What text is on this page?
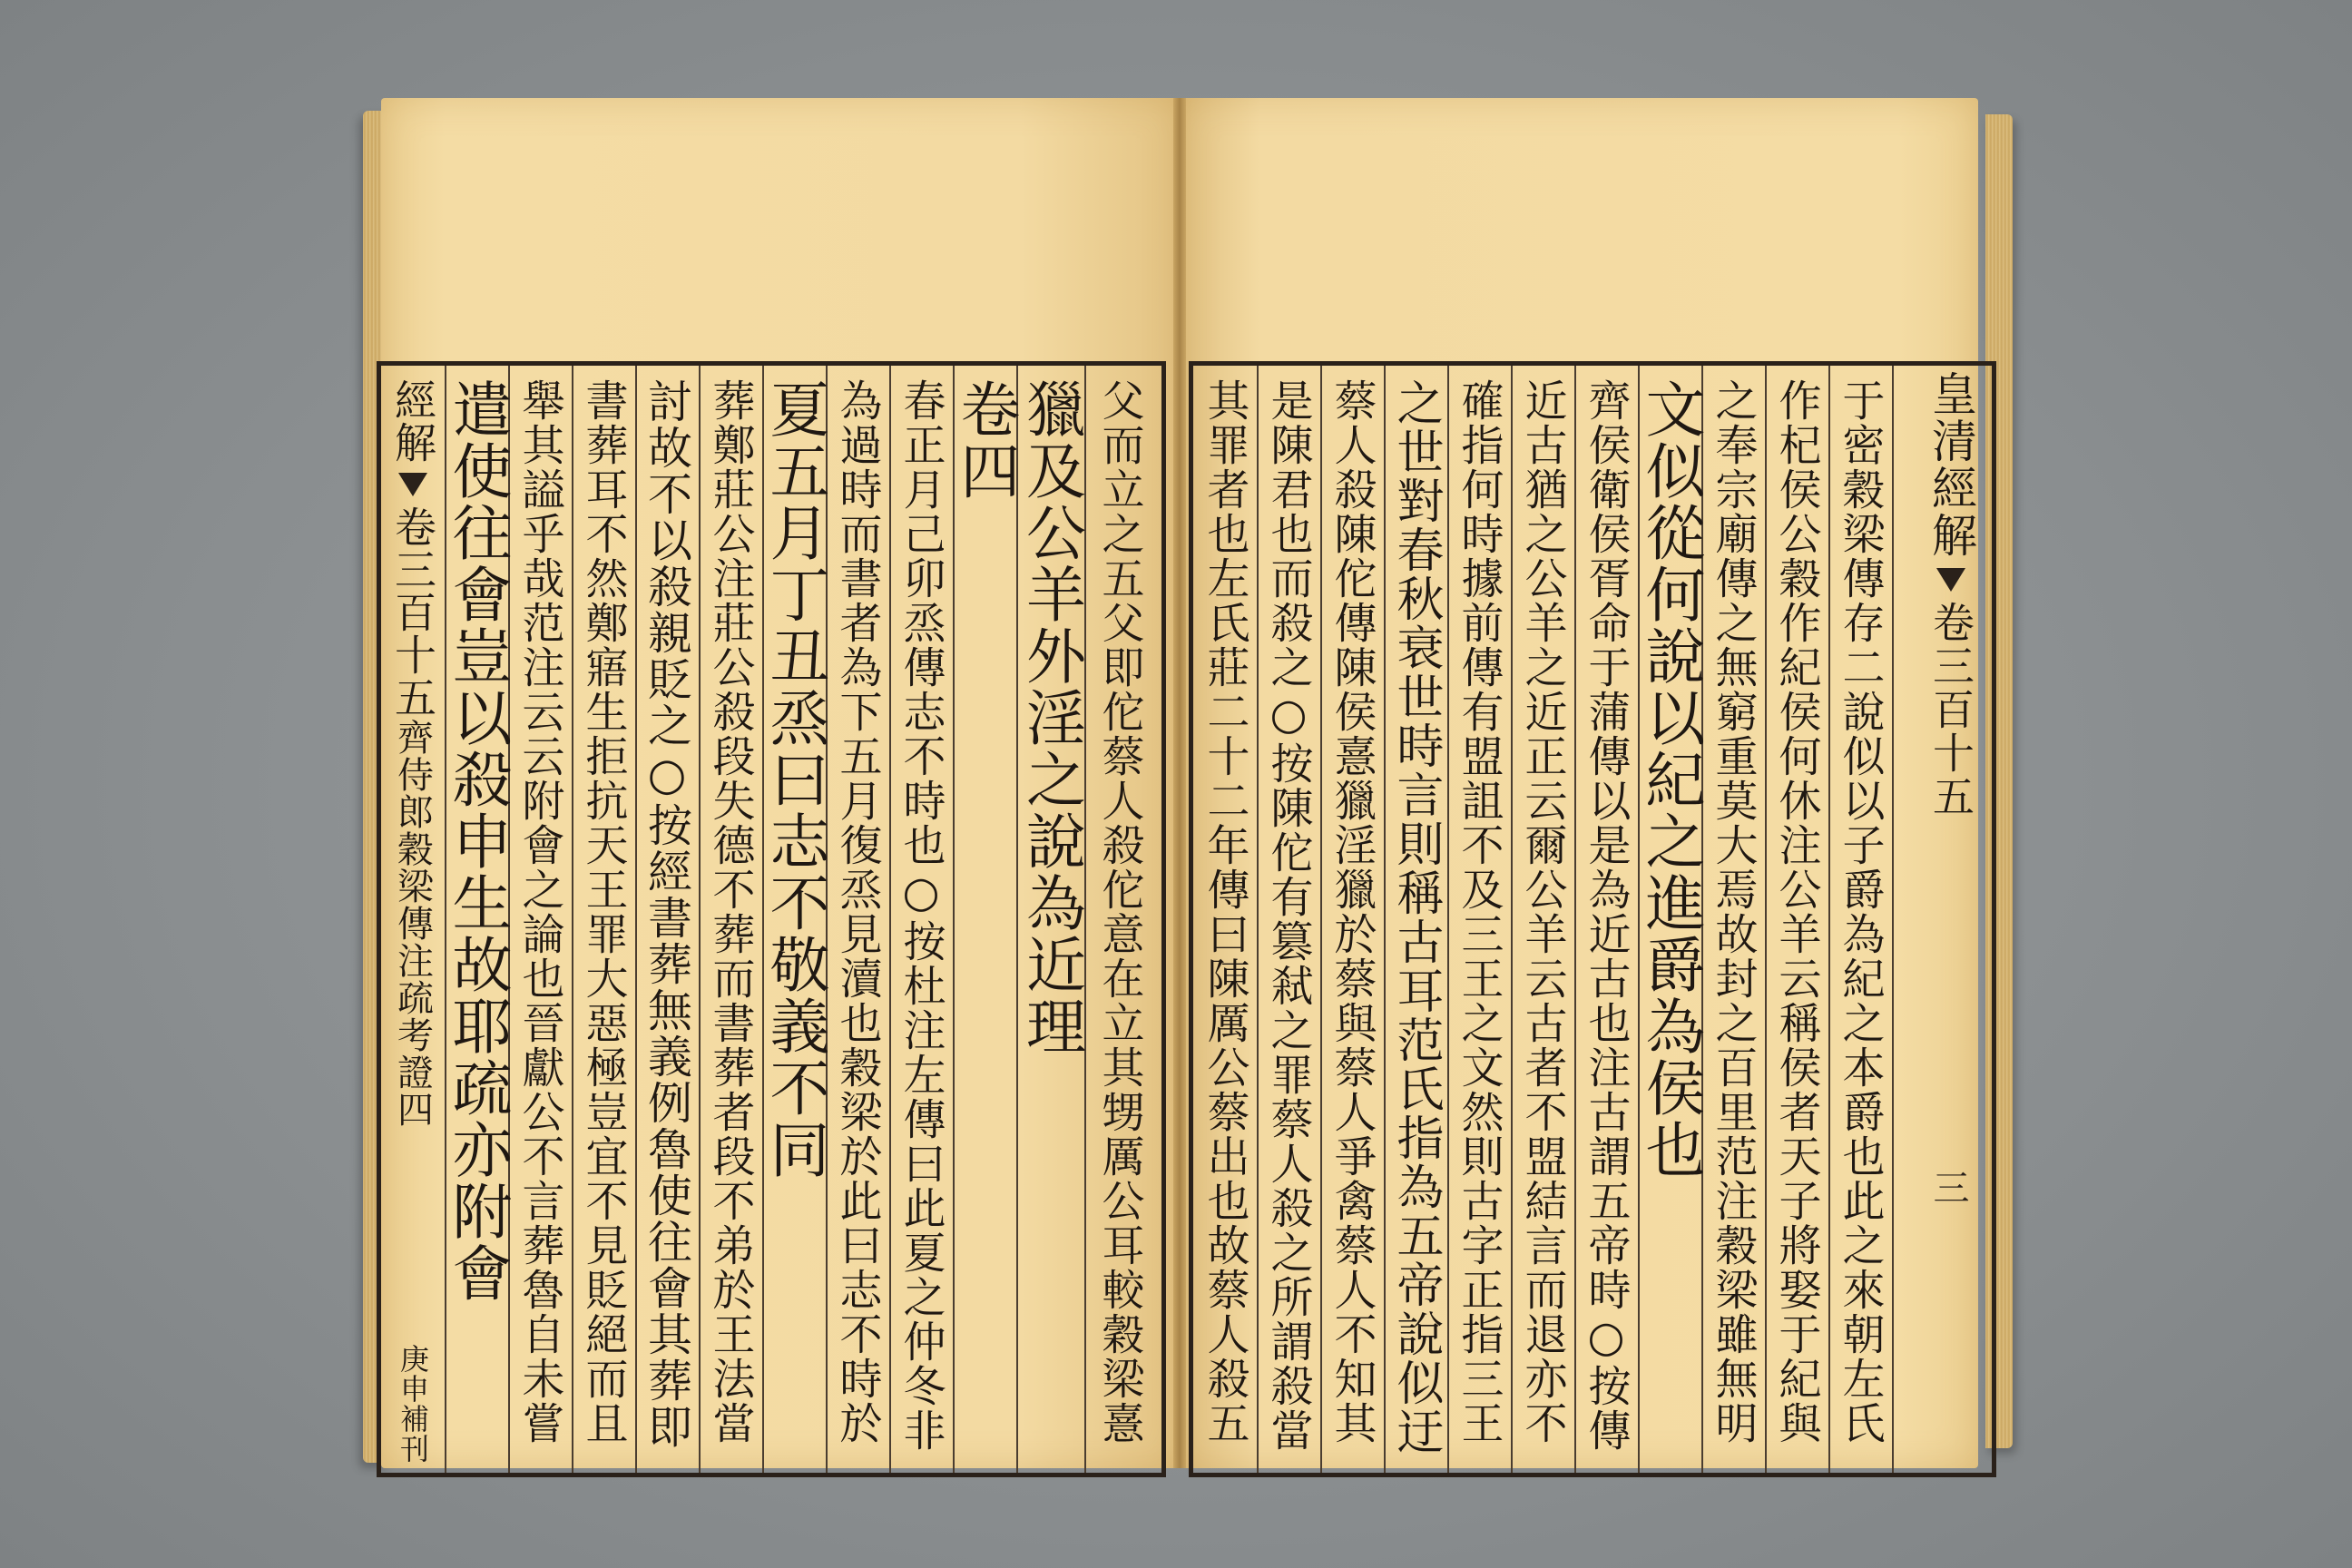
經解
卷三百十五
齊侍郎穀梁傳注疏考證
四
庚申補刊	父而立之五父即佗蔡人殺佗意在立其甥厲公耳較穀梁憙
獵及公羊外淫之說為近理
卷四
春正月己卯烝傳志不時也○按杜注左傳曰此夏之仲冬非
為過時而書者為下五月復烝見瀆也穀梁於此曰志不時於
夏五月丁丑烝曰志不敬義不同
葬鄭莊公注莊公殺段失德不葬而書葬者段不弟於王法當
討故不以殺親貶之○按經書葬無義例魯使往會其葬即
書葬耳不然鄭寤生拒抗天王罪大惡極豈宜不見貶絕而且
舉其謚乎哉范注云云附會之論也晉獻公不言葬魯自未嘗
遣使往會豈以殺申生故耶疏亦附會	于密穀梁傳存二說似以子爵為紀之本爵也此之來朝左氏
作杞侯公穀作紀侯何休注公羊云稱侯者天子將娶于紀與
之奉宗廟傳之無窮重莫大焉故封之百里范注穀梁雖無明
文似從何說以紀之進爵為侯也
齊侯衛侯胥命于蒲傳以是為近古也注古謂五帝時○按傳
近古猶之公羊之近正云爾公羊云古者不盟結言而退亦不
確指何時據前傳有盟詛不及三王之文然則古字正指三王
之世對春秋衰世時言則稱古耳范氏指為五帝說似迂
蔡人殺陳佗傳陳侯憙獵淫獵於蔡與蔡人爭禽蔡人不知其
是陳君也而殺之○按陳佗有篡弒之罪蔡人殺之所謂殺當
其罪者也左氏莊二十二年傳曰陳厲公蔡出也故蔡人殺五	皇清經解
卷三百十五
三
